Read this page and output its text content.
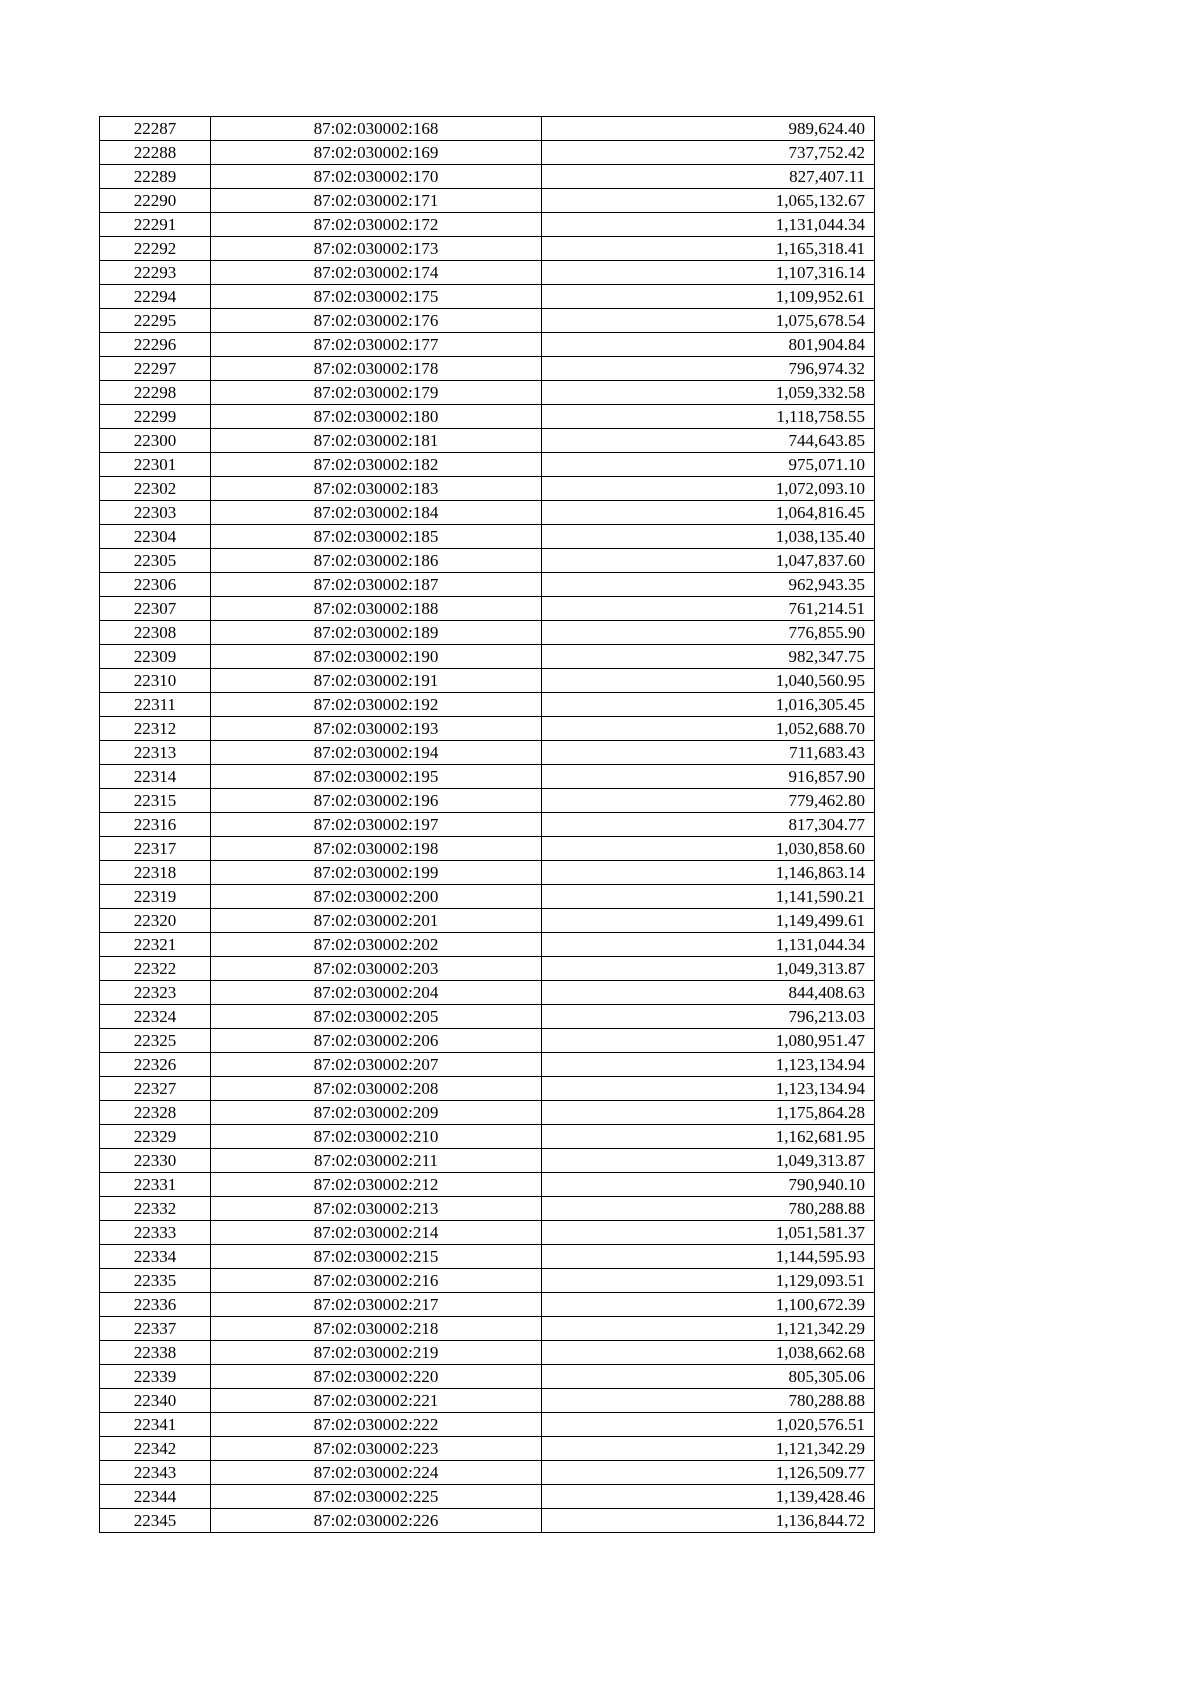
22287	87:02:030002:168	989,624.40
22288	87:02:030002:169	737,752.42
22289	87:02:030002:170	827,407.11
22290	87:02:030002:171	1,065,132.67
22291	87:02:030002:172	1,131,044.34
22292	87:02:030002:173	1,165,318.41
22293	87:02:030002:174	1,107,316.14
22294	87:02:030002:175	1,109,952.61
22295	87:02:030002:176	1,075,678.54
22296	87:02:030002:177	801,904.84
22297	87:02:030002:178	796,974.32
22298	87:02:030002:179	1,059,332.58
22299	87:02:030002:180	1,118,758.55
22300	87:02:030002:181	744,643.85
22301	87:02:030002:182	975,071.10
22302	87:02:030002:183	1,072,093.10
22303	87:02:030002:184	1,064,816.45
22304	87:02:030002:185	1,038,135.40
22305	87:02:030002:186	1,047,837.60
22306	87:02:030002:187	962,943.35
22307	87:02:030002:188	761,214.51
22308	87:02:030002:189	776,855.90
22309	87:02:030002:190	982,347.75
22310	87:02:030002:191	1,040,560.95
22311	87:02:030002:192	1,016,305.45
22312	87:02:030002:193	1,052,688.70
22313	87:02:030002:194	711,683.43
22314	87:02:030002:195	916,857.90
22315	87:02:030002:196	779,462.80
22316	87:02:030002:197	817,304.77
22317	87:02:030002:198	1,030,858.60
22318	87:02:030002:199	1,146,863.14
22319	87:02:030002:200	1,141,590.21
22320	87:02:030002:201	1,149,499.61
22321	87:02:030002:202	1,131,044.34
22322	87:02:030002:203	1,049,313.87
22323	87:02:030002:204	844,408.63
22324	87:02:030002:205	796,213.03
22325	87:02:030002:206	1,080,951.47
22326	87:02:030002:207	1,123,134.94
22327	87:02:030002:208	1,123,134.94
22328	87:02:030002:209	1,175,864.28
22329	87:02:030002:210	1,162,681.95
22330	87:02:030002:211	1,049,313.87
22331	87:02:030002:212	790,940.10
22332	87:02:030002:213	780,288.88
22333	87:02:030002:214	1,051,581.37
22334	87:02:030002:215	1,144,595.93
22335	87:02:030002:216	1,129,093.51
22336	87:02:030002:217	1,100,672.39
22337	87:02:030002:218	1,121,342.29
22338	87:02:030002:219	1,038,662.68
22339	87:02:030002:220	805,305.06
22340	87:02:030002:221	780,288.88
22341	87:02:030002:222	1,020,576.51
22342	87:02:030002:223	1,121,342.29
22343	87:02:030002:224	1,126,509.77
22344	87:02:030002:225	1,139,428.46
22345	87:02:030002:226	1,136,844.72
